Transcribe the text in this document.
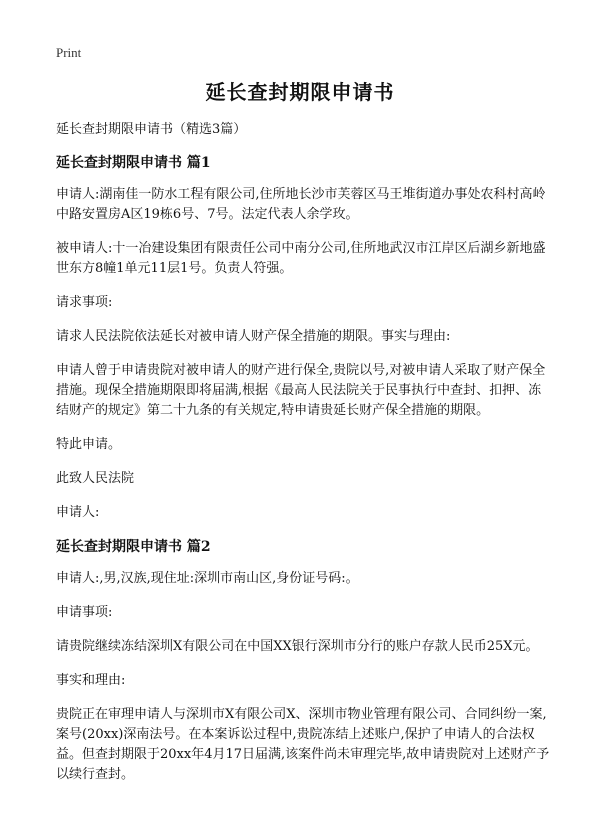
Print
延长查封期限申请书

延长查封期限申请书（精选3篇）

延长查封期限申请书 篇1

申请人:湖南佳一防水工程有限公司,住所地长沙市芙蓉区马王堆街道办事处农科村高岭中路安置房A区19栋6号、7号。法定代表人余学玫。

被申请人:十一冶建设集团有限责任公司中南分公司,住所地武汉市江岸区后湖乡新地盛世东方8幢1单元11层1号。负责人符强。

请求事项:

请求人民法院依法延长对被申请人财产保全措施的期限。事实与理由:

申请人曾于申请贵院对被申请人的财产进行保全,贵院以号,对被申请人采取了财产保全措施。现保全措施期限即将届满,根据《最高人民法院关于民事执行中查封、扣押、冻结财产的规定》第二十九条的有关规定,特申请贵延长财产保全措施的期限。

特此申请。

此致人民法院

申请人:

延长查封期限申请书 篇2

申请人:,男,汉族,现住址:深圳市南山区,身份证号码:。

申请事项:

请贵院继续冻结深圳X有限公司在中国XX银行深圳市分行的账户存款人民币25X元。

事实和理由:

贵院正在审理申请人与深圳市X有限公司X、深圳市物业管理有限公司、合同纠纷一案,案号(20xx)深南法号。在本案诉讼过程中,贵院冻结上述账户,保护了申请人的合法权益。但查封期限于20xx年4月17日届满,该案件尚未审理完毕,故申请贵院对上述财产予以续行查封。
